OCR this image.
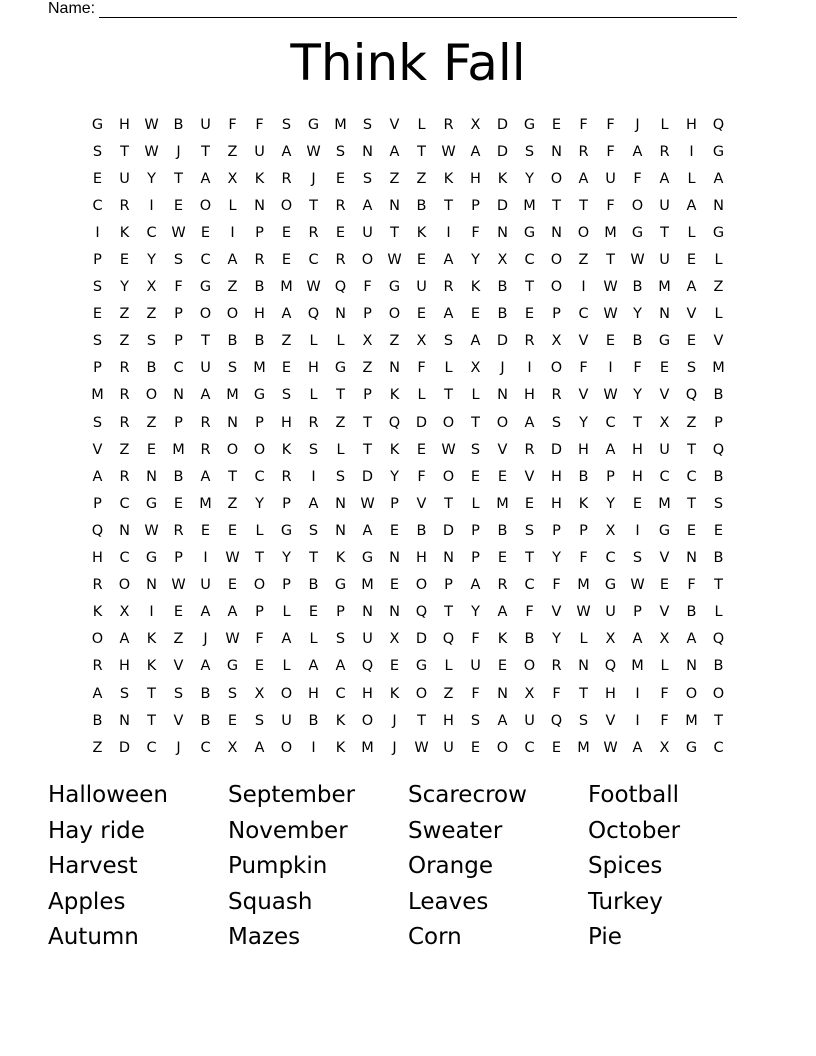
Name:
Think Fall
G	H	W	B	U	F	F	S	G	M	S	V	L	R	X	D	G	E	F	F	J	L	H	Q
S	T	W	J	T	Z	U	A	W	S	N	A	T	W	A	D	S	N	R	F	A	R	I	G
E	U	Y	T	A	X	K	R	J	E	S	Z	Z	K	H	K	Y	O	A	U	F	A	L	A
C	R	I	E	O	L	N	O	T	R	A	N	B	T	P	D	M	T	T	F	O	U	A	N
I	K	C	W	E	I	P	E	R	E	U	T	K	I	F	N	G	N	O	M	G	T	L	G
P	E	Y	S	C	A	R	E	C	R	O	W	E	A	Y	X	C	O	Z	T	W	U	E	L
S	Y	X	F	G	Z	B	M	W	Q	F	G	U	R	K	B	T	O	I	W	B	M	A	Z
E	Z	Z	P	O	O	H	A	Q	N	P	O	E	A	E	B	E	P	C	W	Y	N	V	L
S	Z	S	P	T	B	B	Z	L	L	X	Z	X	S	A	D	R	X	V	E	B	G	E	V
P	R	B	C	U	S	M	E	H	G	Z	N	F	L	X	J	I	O	F	I	F	E	S	M
M	R	O	N	A	M	G	S	L	T	P	K	L	T	L	N	H	R	V	W	Y	V	Q	B
S	R	Z	P	R	N	P	H	R	Z	T	Q	D	O	T	O	A	S	Y	C	T	X	Z	P
V	Z	E	M	R	O	O	K	S	L	T	K	E	W	S	V	R	D	H	A	H	U	T	Q
A	R	N	B	A	T	C	R	I	S	D	Y	F	O	E	E	V	H	B	P	H	C	C	B
P	C	G	E	M	Z	Y	P	A	N	W	P	V	T	L	M	E	H	K	Y	E	M	T	S
Q	N	W	R	E	E	L	G	S	N	A	E	B	D	P	B	S	P	P	X	I	G	E	E
H	C	G	P	I	W	T	Y	T	K	G	N	H	N	P	E	T	Y	F	C	S	V	N	B
R	O	N	W	U	E	O	P	B	G	M	E	O	P	A	R	C	F	M	G	W	E	F	T
K	X	I	E	A	A	P	L	E	P	N	N	Q	T	Y	A	F	V	W	U	P	V	B	L
O	A	K	Z	J	W	F	A	L	S	U	X	D	Q	F	K	B	Y	L	X	A	X	A	Q
R	H	K	V	A	G	E	L	A	A	Q	E	G	L	U	E	O	R	N	Q	M	L	N	B
A	S	T	S	B	S	X	O	H	C	H	K	O	Z	F	N	X	F	T	H	I	F	O	O
B	N	T	V	B	E	S	U	B	K	O	J	T	H	S	A	U	Q	S	V	I	F	M	T
Z	D	C	J	C	X	A	O	I	K	M	J	W	U	E	O	C	E	M	W	A	X	G	C
Halloween	September	Scarecrow	Football
Hay ride	November	Sweater	October
Harvest	Pumpkin	Orange	Spices
Apples	Squash	Leaves	Turkey
Autumn	Mazes	Corn	Pie
